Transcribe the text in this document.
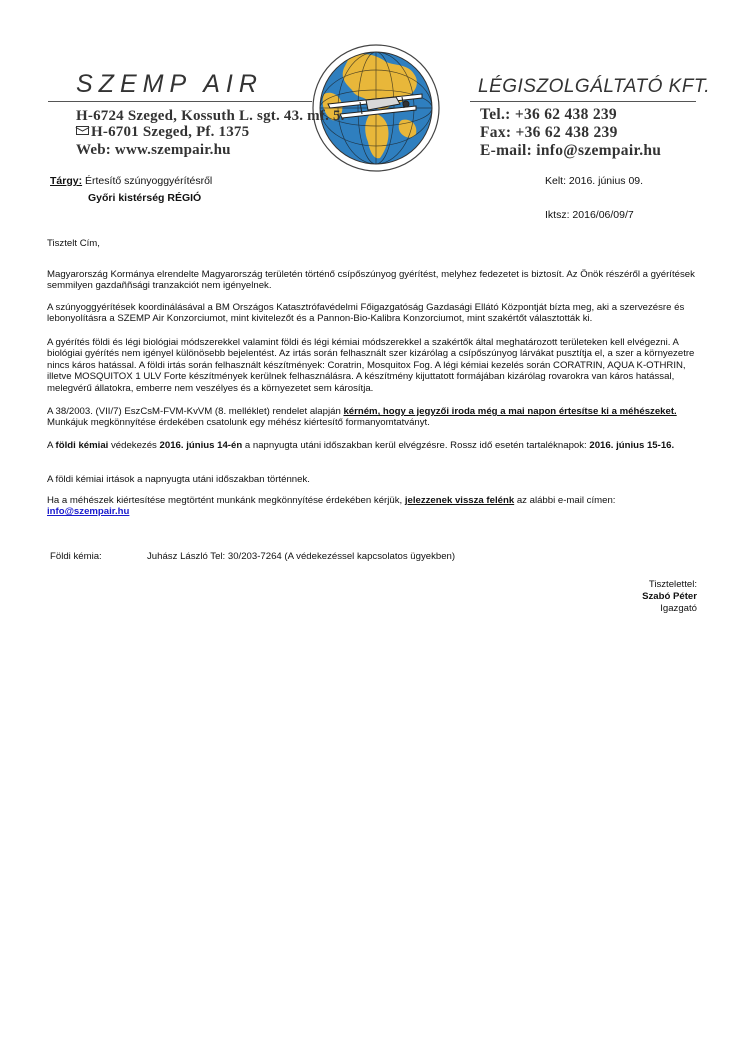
SZEMP AIR	LÉGISZOLGÁLTATÓ KFT.
H-6724 Szeged, Kossuth L. sgt. 43. mf. 5.
H-6701 Szeged, Pf. 1375
Web: www.szempair.hu
Tel.: +36 62 438 239
Fax: +36 62 438 239
E-mail: info@szempair.hu
Tárgy: Értesítő szúnyoggyérítésről
Győri kistérség RÉGIÓ
Kelt: 2016. június 09.
Iktsz: 2016/06/09/7
Tisztelt Cím,
Magyarország Kormánya elrendelte Magyarország területén történő csípőszúnyog gyérítést, melyhez fedezetet is biztosít. Az Önök részéről a gyérítések semmilyen gazdaññsági tranzakciót nem igényelnek.
A szúnyoggyérítések koordinálásával a BM Országos Katasztrófavédelmi Főigazgatóság Gazdasági Ellátó Központját bízta meg, aki a szervezésre és lebonyolításra a SZEMP Air Konzorciumot, mint kivitelezőt és a Pannon-Bio-Kalibra Konzorciumot, mint szakértőt választották ki.
A gyérítés földi és légi biológiai módszerekkel valamint földi és légi kémiai módszerekkel a szakértők által meghatározott területeken kell elvégezni. A biológiai gyérítés nem igényel különösebb bejelentést. Az irtás során felhasznált szer kizárólag a csípőszúnyog lárvákat pusztítja el, a szer a környezetre nincs káros hatással. A földi irtás során felhasznált készítmények: Coratrin, Mosquitox Fog. A légi kémiai kezelés során CORATRIN, AQUA K-OTHRIN, illetve MOSQUITOX 1 ULV Forte készítmények kerülnek felhasználásra. A készítmény kijuttatott formájában kizárólag rovarokra van káros hatással, melegvérű állatokra, emberre nem veszélyes és a környezetet sem károsítja.
A 38/2003. (VII/7) EszCsM-FVM-KvVM (8. melléklet) rendelet alapján kérném, hogy a jegyzői iroda még a mai napon értesítse ki a méhészeket. Munkájuk megkönnyítése érdekében csatolunk egy méhész kiértesítő formanyomtatványt.
A földi kémiai védekezés 2016. június 14-én a napnyugta utáni időszakban kerül elvégzésre. Rossz idő esetén tartaléknapok: 2016. június 15-16.
A földi kémiai irtások a napnyugta utáni időszakban történnek.
Ha a méhészek kiértesítése megtörtént munkánk megkönnyítése érdekében kérjük, jelezzenek vissza felénk az alábbi e-mail címen:
info@szempair.hu
Földi kémia:	Juhász László Tel: 30/203-7264 (A védekezéssel kapcsolatos ügyekben)
Tisztelettel:
Szabó Péter
Igazgató
